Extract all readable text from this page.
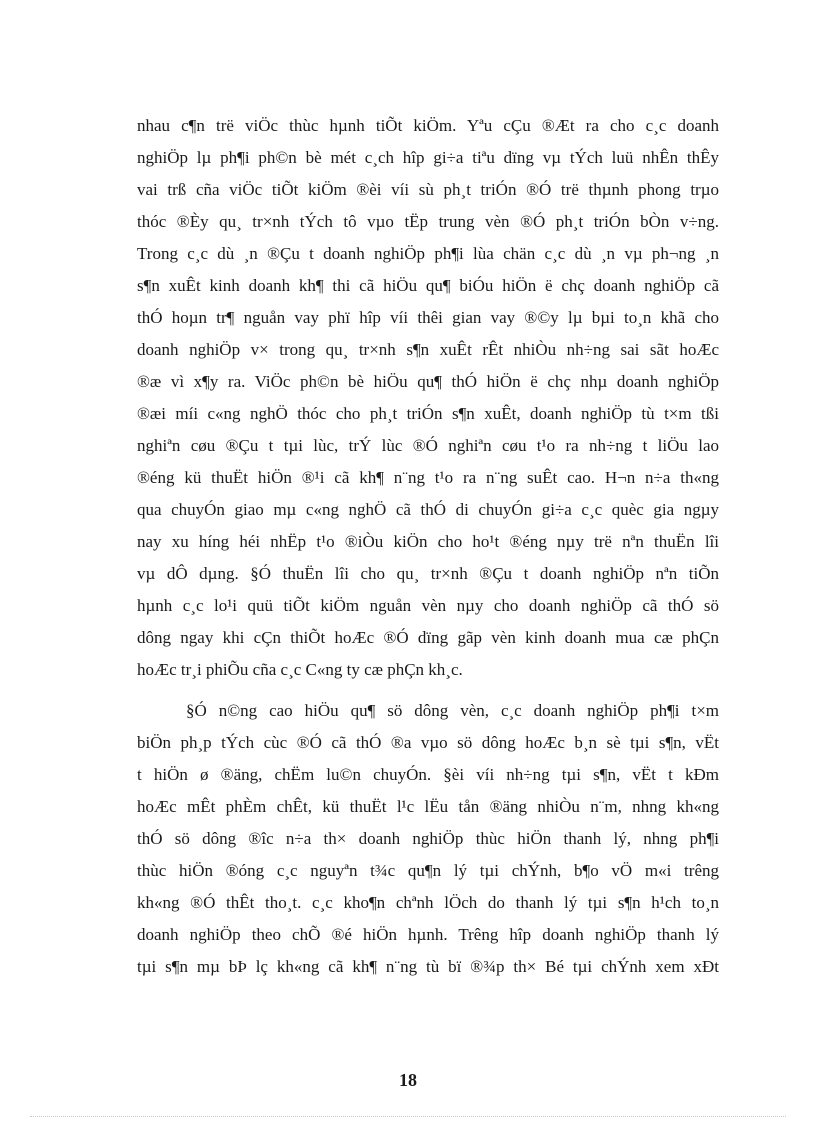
nhau c¶n trë viÖc thùc hµnh tiÕt kiÖm. Yªu cÇu ®Æt ra cho c¸c doanh
nghiÖp lµ ph¶i ph©n bè mét c¸ch hîp gi÷a tiªu dïng vµ tÝch luü nhÊn thÊy
vai trß cña viÖc tiÕt kiÖm ®èi víi sù ph¸t triÓn ®Ó trë thµnh phong trµo
thóc ®Èy qu¸ tr×nh tÝch tô vµo tËp trung vèn ®Ó ph¸t triÓn bÒn v÷ng.
Trong c¸c dù ¸n ®Çu t doanh nghiÖp ph¶i lùa chän c¸c dù ¸n vµ ph¬ng ¸n
s¶n xuÊt kinh doanh kh¶ thi cã hiÖu qu¶ biÓu hiÖn ë chç doanh nghiÖp cã
thÓ hoµn tr¶ nguån vay phï hîp víi thêi gian vay ®©y lµ bµi to¸n khã cho
doanh nghiÖp v× trong qu¸ tr×nh s¶n xuÊt rÊt nhiÒu nh÷ng sai sãt hoÆc
®æ vì x¶y ra. ViÖc ph©n bè hiÖu qu¶ thÓ hiÖn ë chç nhµ doanh nghiÖp
®æi míi c«ng nghÖ thóc cho ph¸t triÓn s¶n xuÊt, doanh nghiÖp tù t×m tßi
nghiªn cøu ®Çu t tµi lùc, trÝ lùc ®Ó nghiªn cøu t¹o ra nh÷ng t liÖu lao
®éng kü thuËt hiÖn ®¹i cã kh¶ n¨ng t¹o ra n¨ng suÊt cao. H¬n n÷a th«ng
qua chuyÓn giao mµ c«ng nghÖ cã thÓ di chuyÓn gi÷a c¸c quèc gia ngµy
nay xu híng héi nhËp t¹o ®iÒu kiÖn cho ho¹t ®éng nµy trë nªn thuËn lîi
vµ dÔ dµng. §Ó thuËn lîi cho qu¸ tr×nh ®Çu t doanh nghiÖp nªn tiÕn
hµnh c¸c lo¹i quü tiÕt kiÖm nguån vèn nµy cho doanh nghiÖp cã thÓ sö
dông ngay khi cÇn thiÕt hoÆc ®Ó dïng gãp vèn kinh doanh mua cæ phÇn
hoÆc tr¸i phiÕu cña c¸c C«ng ty cæ phÇn kh¸c.
§Ó n©ng cao hiÖu qu¶ sö dông vèn, c¸c doanh nghiÖp ph¶i t×m
biÖn ph¸p tÝch cùc ®Ó cã thÓ ®a vµo sö dông hoÆc b¸n sè tµi s¶n, vËt
t hiÖn ø ®äng, chËm lu©n chuyÓn. §èi víi nh÷ng tµi s¶n, vËt t kÐm
hoÆc mÊt phÈm chÊt, kü thuËt l¹c lËu tån ®äng nhiÒu n¨m, nhng kh«ng
thÓ sö dông ®îc n÷a th× doanh nghiÖp thùc hiÖn thanh lý, nhng ph¶i
thùc hiÖn ®óng c¸c nguyªn t¾c qu¶n lý tµi chÝnh, b¶o vÖ m«i trêng
kh«ng ®Ó thÊt tho¸t. c¸c kho¶n chªnh lÖch do thanh lý tµi s¶n h¹ch to¸n
doanh nghiÖp theo chÕ ®é hiÖn hµnh. Trêng hîp doanh nghiÖp thanh lý
tµi s¶n mµ bÞ lç kh«ng cã kh¶ n¨ng tù bï ®¾p th× Bé tµi chÝnh xem xÐt
18
